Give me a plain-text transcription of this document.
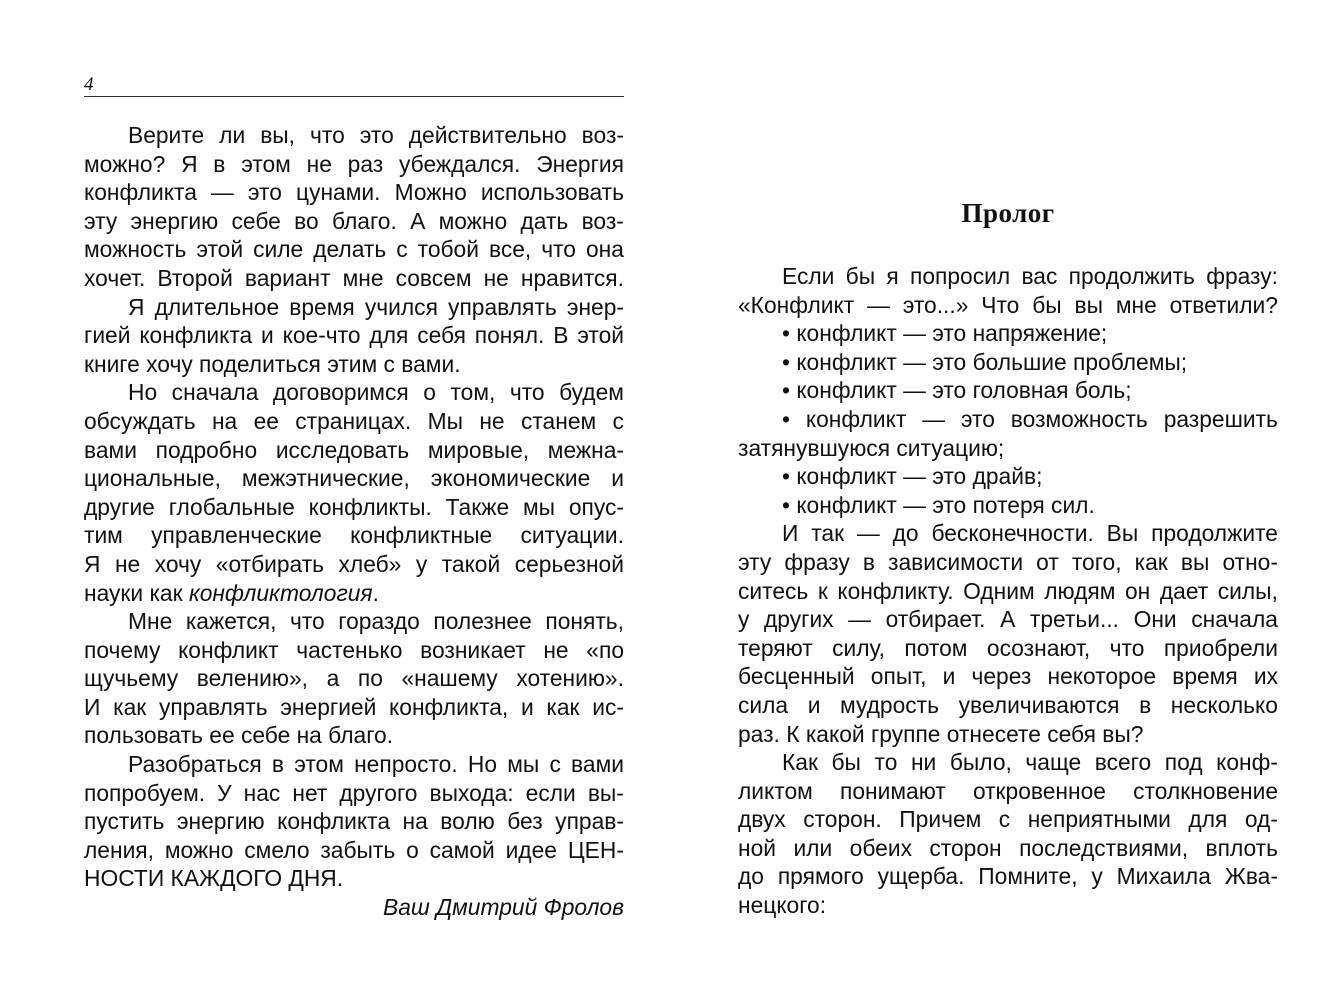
4
Верите ли вы, что это действительно воз-
можно? Я в этом не раз убеждался. Энергия
конфликта — это цунами. Можно использовать
эту энергию себе во благо. А можно дать воз-
можность этой силе делать с тобой все, что она
хочет. Второй вариант мне совсем не нравится.
Я длительное время учился управлять энер-
гией конфликта и кое-что для себя понял. В этой
книге хочу поделиться этим с вами.
Но сначала договоримся о том, что будем
обсуждать на ее страницах. Мы не станем с
вами подробно исследовать мировые, межна-
циональные, межэтнические, экономические и
другие глобальные конфликты. Также мы опус-
тим управленческие конфликтные ситуации.
Я не хочу «отбирать хлеб» у такой серьезной
науки как
конфликтология .
Мне кажется, что гораздо полезнее понять,
почему конфликт частенько возникает не «по
щучьему велению», а по «нашему хотению».
И как управлять энергией конфликта, и как ис-
пользовать ее себе на благо.
Разобраться в этом непросто. Но мы с вами
попробуем. У нас нет другого выхода: если вы-
пустить энергию конфликта на волю без управ-
ления, можно смело забыть о самой идее ЦЕН-
НОСТИ КАЖДОГО ДНЯ.
Ваш Дмитрий Фролов
Пролог
Если бы я попросил вас продолжить фразу:
«Конфликт — это...» Что бы вы мне ответили?
• конфликт — это напряжение;
• конфликт — это большие проблемы;
• конфликт — это головная боль;
• конфликт — это возможность разрешить
затянувшуюся ситуацию;
• конфликт — это драйв;
• конфликт — это потеря сил.
И так — до бесконечности. Вы продолжите
эту фразу в зависимости от того, как вы отно-
ситесь к конфликту. Одним людям он дает силы,
у других — отбирает. А третьи... Они сначала
теряют силу, потом осознают, что приобрели
бесценный опыт, и через некоторое время их
сила и мудрость увеличиваются в несколько
раз. К какой группе отнесете себя вы?
Как бы то ни было, чаще всего под конф-
ликтом понимают откровенное столкновение
двух сторон. Причем с неприятными для од-
ной или обеих сторон последствиями, вплоть
до прямого ущерба. Помните, у Михаила Жва-
нецкого:
